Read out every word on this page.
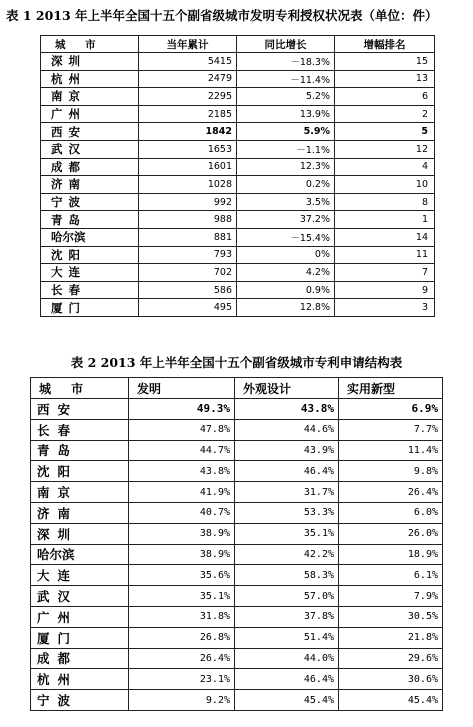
表 1 2013 年上半年全国十五个副省级城市发明专利授权状况表（单位：件）
城 市	当年累计	同比增长	增幅排名
深圳	5415	－18.3%	15
杭州	2479	－11.4%	13
南京	2295	5.2%	6
广州	2185	13.9%	2
西安	1842	5.9%	5
武汉	1653	－1.1%	12
成都	1601	12.3%	4
济南	1028	0.2%	10
宁波	992	3.5%	8
青岛	988	37.2%	1
哈尔滨	881	－15.4%	14
沈阳	793	0%	11
大连	702	4.2%	7
长春	586	0.9%	9
厦门	495	12.8%	3
表 2 2013 年上半年全国十五个副省级城市专利申请结构表
城 市	发明	外观设计	实用新型
西安	49.3%	43.8%	6.9%
长春	47.8%	44.6%	7.7%
青岛	44.7%	43.9%	11.4%
沈阳	43.8%	46.4%	9.8%
南京	41.9%	31.7%	26.4%
济南	40.7%	53.3%	6.0%
深圳	38.9%	35.1%	26.0%
哈尔滨	38.9%	42.2%	18.9%
大连	35.6%	58.3%	6.1%
武汉	35.1%	57.0%	7.9%
广州	31.8%	37.8%	30.5%
厦门	26.8%	51.4%	21.8%
成都	26.4%	44.0%	29.6%
杭州	23.1%	46.4%	30.6%
宁波	9.2%	45.4%	45.4%
